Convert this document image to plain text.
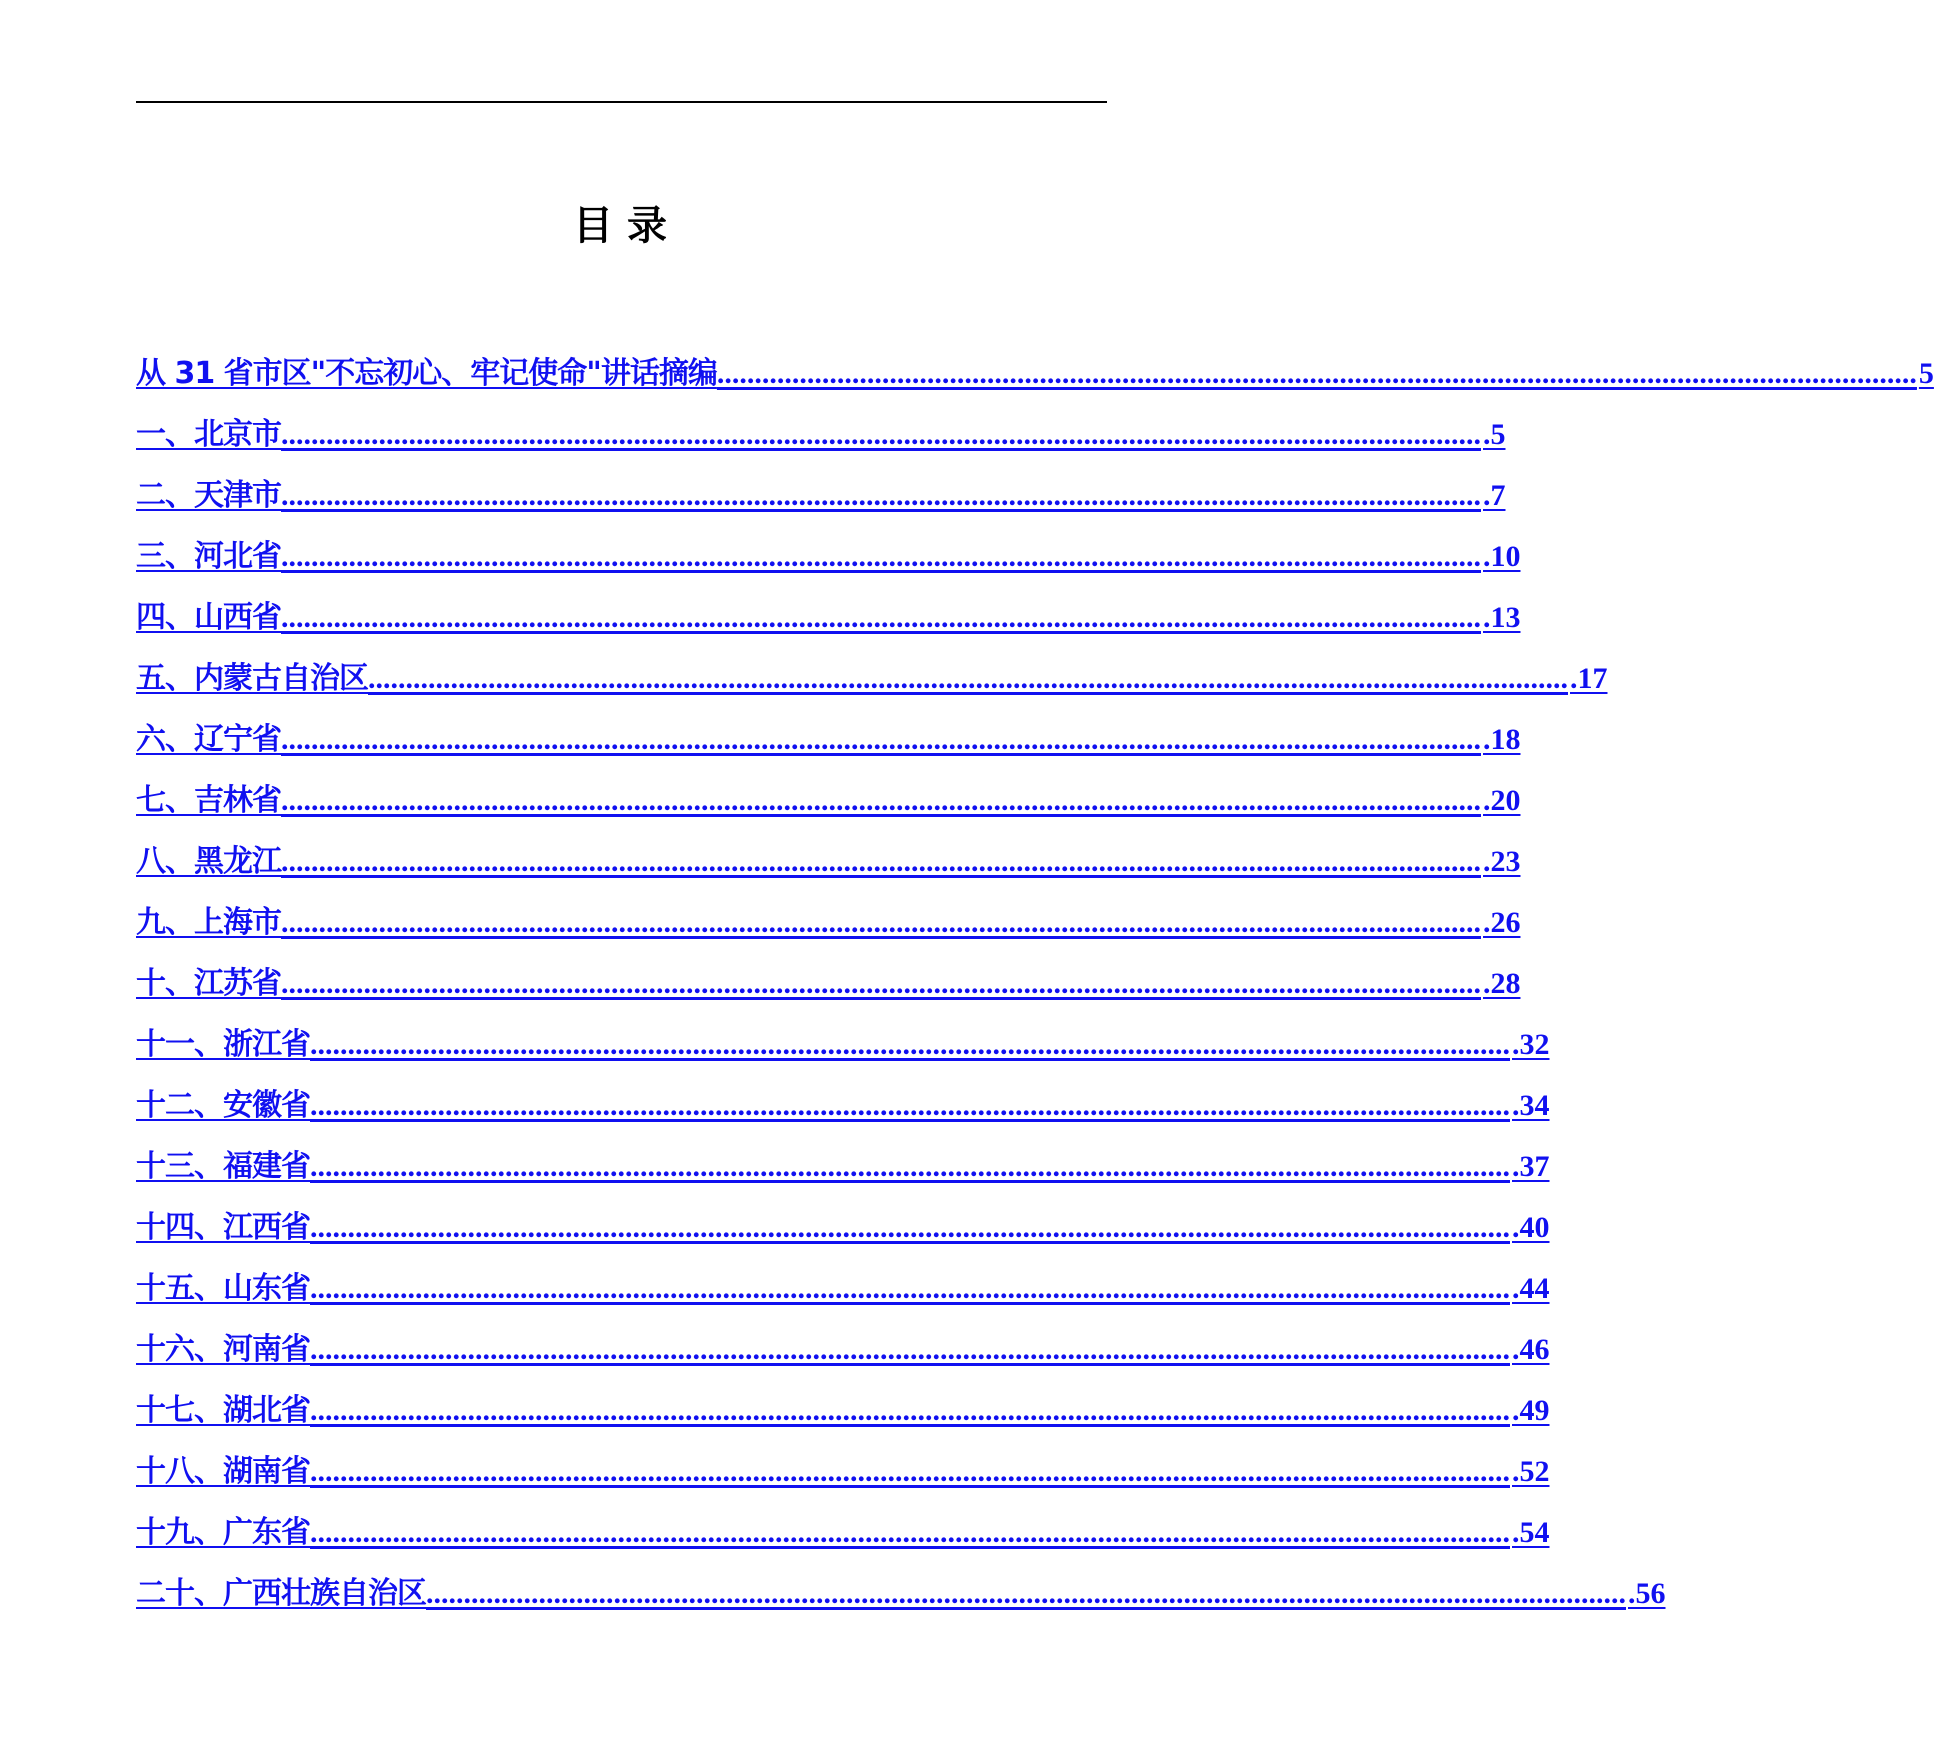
目 录
从 31 省市区"不忘初心、牢记使命"讲话摘编 ................................................................................................................................................................ 5
一、北京市 ................................................................................................................................................................ .5
二、天津市 ................................................................................................................................................................ .7
三、河北省 ................................................................................................................................................................ .10
四、山西省 ................................................................................................................................................................ .13
五、内蒙古自治区 ................................................................................................................................................................ .17
六、辽宁省 ................................................................................................................................................................ .18
七、吉林省 ................................................................................................................................................................ .20
八、黑龙江 ................................................................................................................................................................ .23
九、上海市 ................................................................................................................................................................ .26
十、江苏省 ................................................................................................................................................................ .28
十一、浙江省 ................................................................................................................................................................ .32
十二、安徽省 ................................................................................................................................................................ .34
十三、福建省 ................................................................................................................................................................ .37
十四、江西省 ................................................................................................................................................................ .40
十五、山东省 ................................................................................................................................................................ .44
十六、河南省 ................................................................................................................................................................ .46
十七、湖北省 ................................................................................................................................................................ .49
十八、湖南省 ................................................................................................................................................................ .52
十九、广东省 ................................................................................................................................................................ .54
二十、广西壮族自治区 ................................................................................................................................................................ .56
